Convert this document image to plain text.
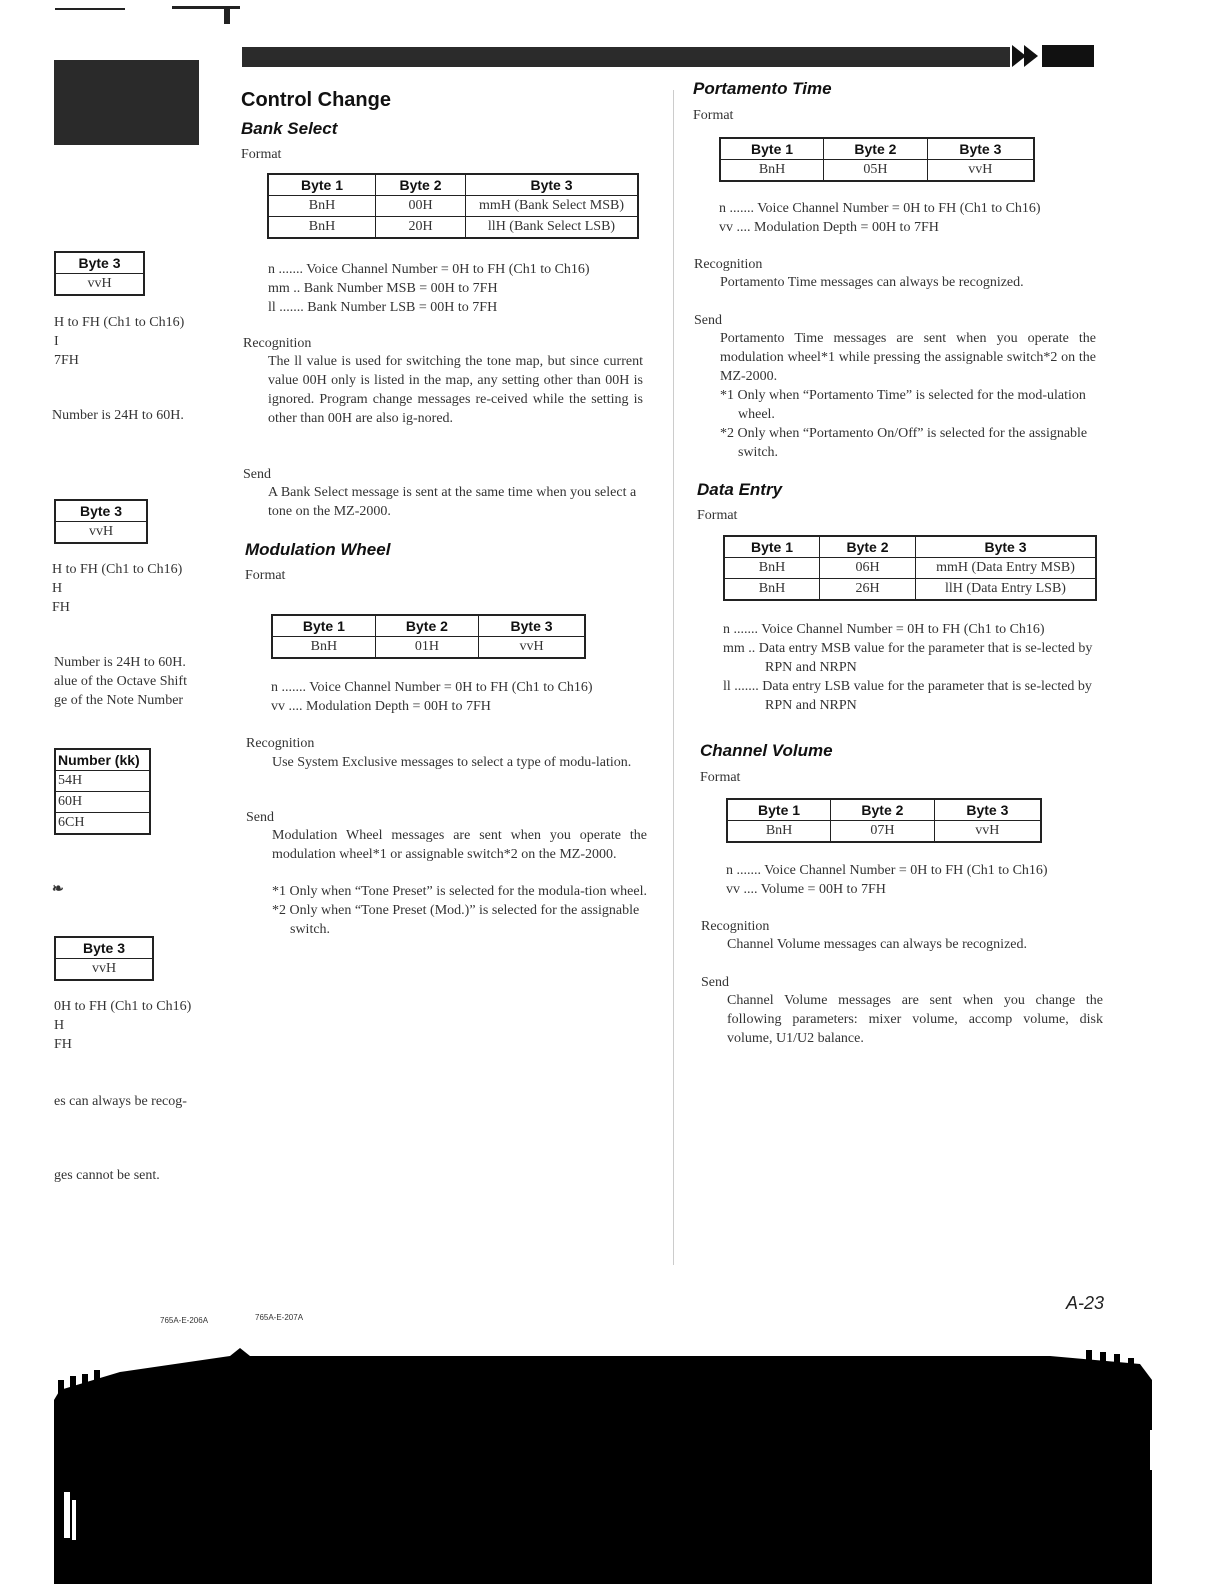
Byte 3
vvH
H to FH (Ch1 to Ch16)
I
7FH
Number is 24H to 60H.
Byte 3
vvH
H to FH (Ch1 to Ch16)
H
FH
Number is 24H to 60H.
alue of the Octave Shift
ge of the Note Number
Number (kk)
54H
60H
6CH
❧
Byte 3
vvH
0H to FH (Ch1 to Ch16)
H
FH
es can always be recog-
ges cannot be sent.
765A-E-206A
Control Change
Bank Select
Format
Byte 1	Byte 2	Byte 3
BnH	00H	mmH (Bank Select MSB)
BnH	20H	llH (Bank Select LSB)
n ....... Voice Channel Number = 0H to FH (Ch1 to Ch16)
mm .. Bank Number MSB = 00H to 7FH
ll ....... Bank Number LSB = 00H to 7FH
Recognition
The ll value is used for switching the tone map, but since current value 00H only is listed in the map, any setting other than 00H is ignored. Program change messages re-ceived while the setting is other than 00H are also ig-nored.
Send
A Bank Select message is sent at the same time when you select a tone on the MZ-2000.
Modulation Wheel
Format
Byte 1	Byte 2	Byte 3
BnH	01H	vvH
n ....... Voice Channel Number = 0H to FH (Ch1 to Ch16)
vv .... Modulation Depth = 00H to 7FH
Recognition
Use System Exclusive messages to select a type of modu-lation.
Send
Modulation Wheel messages are sent when you operate the modulation wheel*1 or assignable switch*2 on the MZ-2000.
*1 Only when “Tone Preset” is selected for the modula-tion wheel.
*2 Only when “Tone Preset (Mod.)” is selected for the assignable switch.
765A-E-207A
Portamento Time
Format
Byte 1	Byte 2	Byte 3
BnH	05H	vvH
n ....... Voice Channel Number = 0H to FH (Ch1 to Ch16)
vv .... Modulation Depth = 00H to 7FH
Recognition
Portamento Time messages can always be recognized.
Send
Portamento Time messages are sent when you operate the modulation wheel*1 while pressing the assignable switch*2 on the MZ-2000.
*1 Only when “Portamento Time” is selected for the mod-ulation wheel.
*2 Only when “Portamento On/Off” is selected for the assignable switch.
Data Entry
Format
Byte 1	Byte 2	Byte 3
BnH	06H	mmH (Data Entry MSB)
BnH	26H	llH (Data Entry LSB)
n ....... Voice Channel Number = 0H to FH (Ch1 to Ch16)
mm .. Data entry MSB value for the parameter that is se-lected by RPN and NRPN
ll ....... Data entry LSB value for the parameter that is se-lected by RPN and NRPN
Channel Volume
Format
Byte 1	Byte 2	Byte 3
BnH	07H	vvH
n ....... Voice Channel Number = 0H to FH (Ch1 to Ch16)
vv .... Volume = 00H to 7FH
Recognition
Channel Volume messages can always be recognized.
Send
Channel Volume messages are sent when you change the following parameters: mixer volume, accomp volume, disk volume, U1/U2 balance.
A-23
